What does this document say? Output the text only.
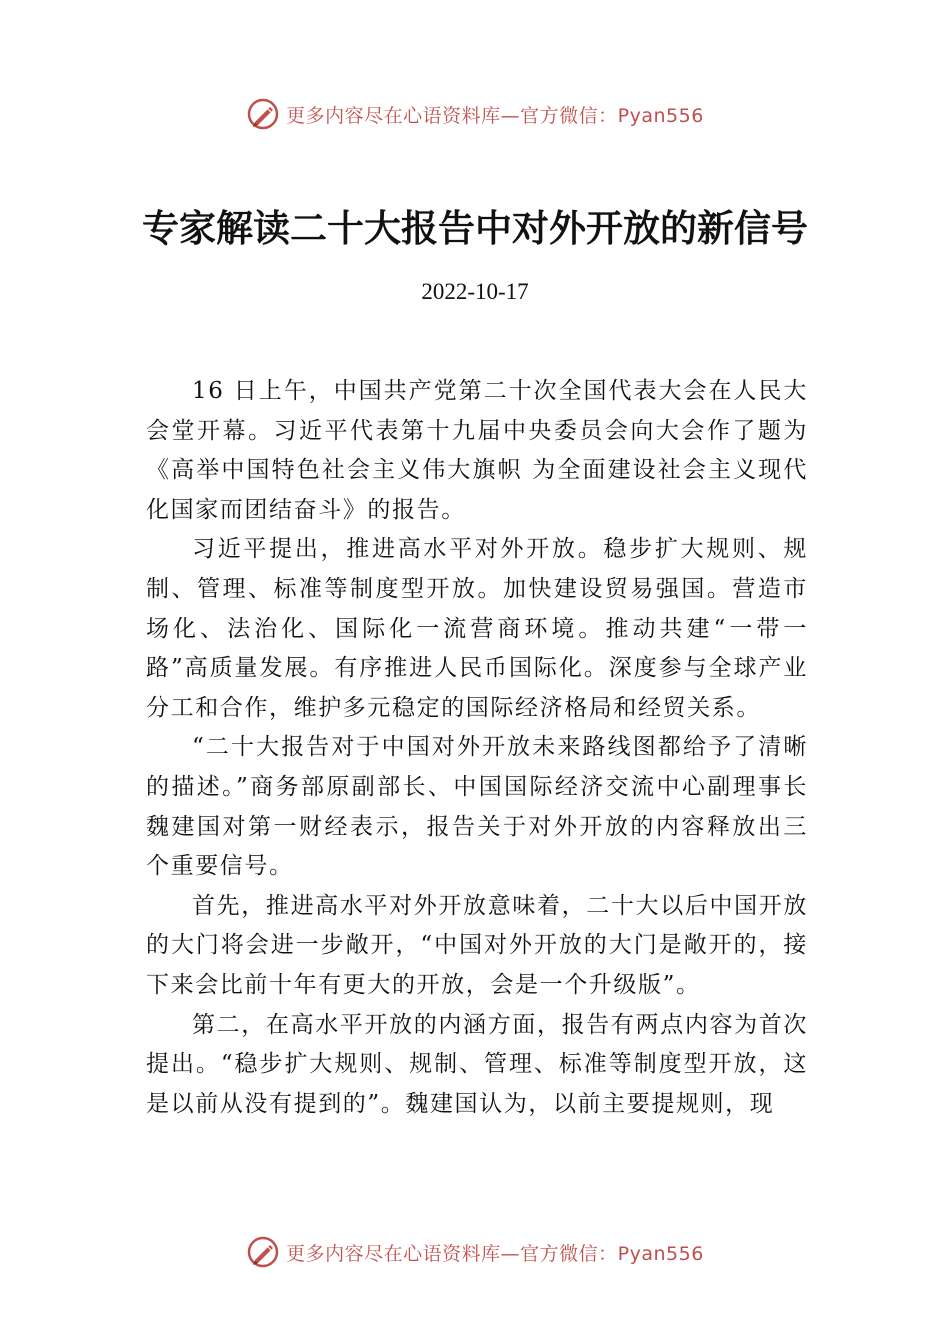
更多内容尽在心语资料库—官方微信：Pyan556
专家解读二十大报告中对外开放的新信号
2022-10-17

16 日上午，中国共产党第二十次全国代表大会在人民大会堂开幕。习近平代表第十九届中央委员会向大会作了题为《高举中国特色社会主义伟大旗帜 为全面建设社会主义现代化国家而团结奋斗》的报告。

习近平提出，推进高水平对外开放。稳步扩大规则、规制、管理、标准等制度型开放。加快建设贸易强国。营造市场化、法治化、国际化一流营商环境。推动共建“一带一路”高质量发展。有序推进人民币国际化。深度参与全球产业分工和合作，维护多元稳定的国际经济格局和经贸关系。

“二十大报告对于中国对外开放未来路线图都给予了清晰的描述。”商务部原副部长、中国国际经济交流中心副理事长魏建国对第一财经表示，报告关于对外开放的内容释放出三个重要信号。

首先，推进高水平对外开放意味着，二十大以后中国开放的大门将会进一步敞开，“中国对外开放的大门是敞开的，接下来会比前十年有更大的开放，会是一个升级版”。

第二，在高水平开放的内涵方面，报告有两点内容为首次提出。“稳步扩大规则、规制、管理、标准等制度型开放，这是以前从没有提到的”。魏建国认为，以前主要提规则，现

更多内容尽在心语资料库—官方微信：Pyan556
